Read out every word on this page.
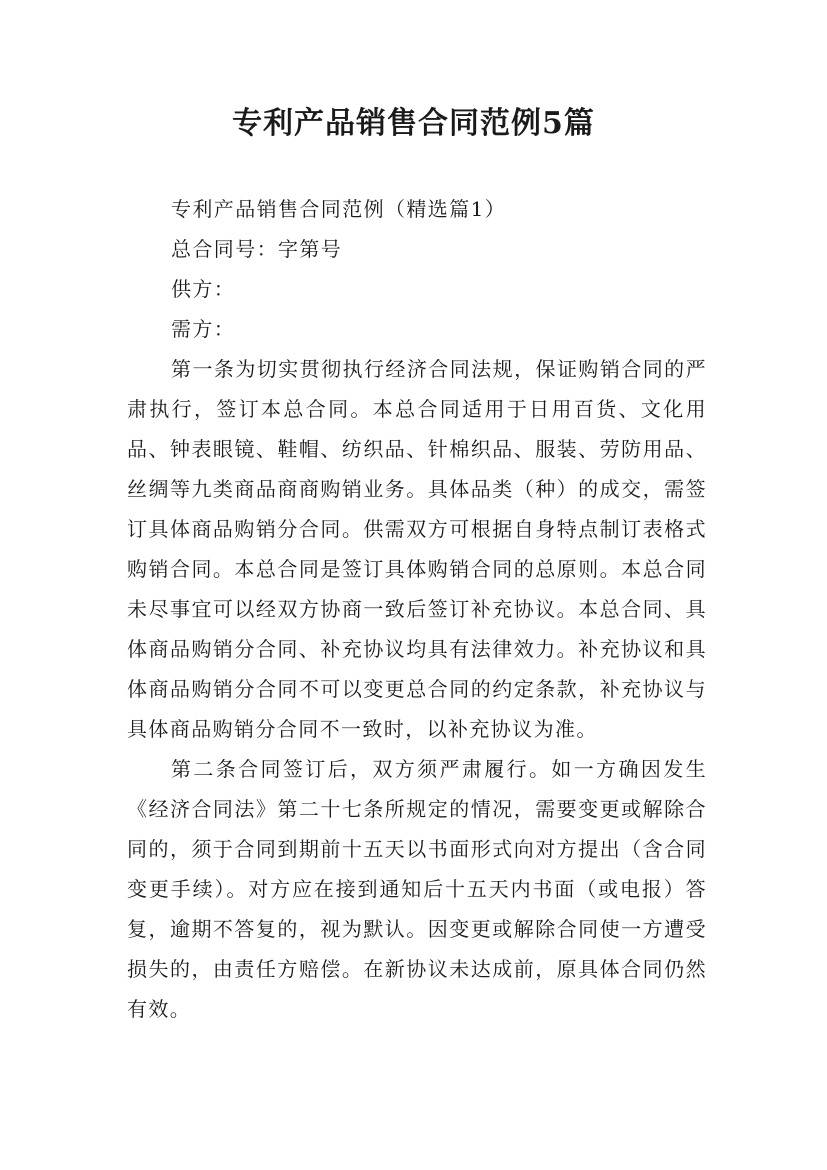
专利产品销售合同范例5篇

专利产品销售合同范例（精选篇1）

总合同号：字第号

供方：

需方：

第一条为切实贯彻执行经济合同法规，保证购销合同的严肃执行，签订本总合同。本总合同适用于日用百货、文化用品、钟表眼镜、鞋帽、纺织品、针棉织品、服装、劳防用品、丝绸等九类商品商商购销业务。具体品类（种）的成交，需签订具体商品购销分合同。供需双方可根据自身特点制订表格式购销合同。本总合同是签订具体购销合同的总原则。本总合同未尽事宜可以经双方协商一致后签订补充协议。本总合同、具体商品购销分合同、补充协议均具有法律效力。补充协议和具体商品购销分合同不可以变更总合同的约定条款，补充协议与具体商品购销分合同不一致时，以补充协议为准。

第二条合同签订后，双方须严肃履行。如一方确因发生《经济合同法》第二十七条所规定的情况，需要变更或解除合同的，须于合同到期前十五天以书面形式向对方提出（含合同变更手续）。对方应在接到通知后十五天内书面（或电报）答复，逾期不答复的，视为默认。因变更或解除合同使一方遭受损失的，由责任方赔偿。在新协议未达成前，原具体合同仍然有效。
